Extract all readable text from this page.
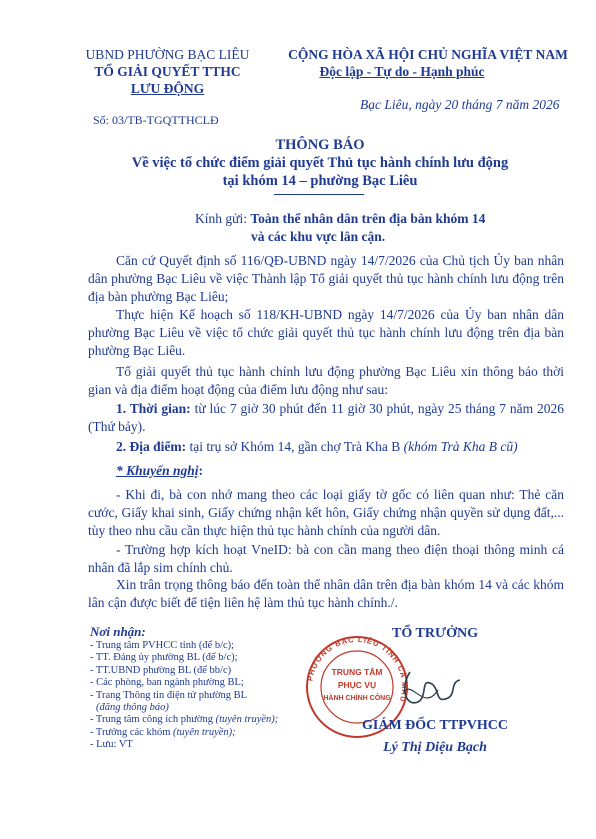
UBND PHƯỜNG BẠC LIÊU
TỔ GIẢI QUYẾT TTHC
LƯU ĐỘNG
CỘNG HÒA XÃ HỘI CHỦ NGHĨA VIỆT NAM
Độc lập - Tự do - Hạnh phúc
Bạc Liêu, ngày 20 tháng 7 năm 2026
Số: 03/TB-TGQTTHCLĐ
THÔNG BÁO
Về việc tổ chức điểm giải quyết Thủ tục hành chính lưu động
tại khóm 14 – phường Bạc Liêu
Kính gửi: Toàn thể nhân dân trên địa bàn khóm 14
và các khu vực lân cận.
Căn cứ Quyết định số 116/QĐ-UBND ngày 14/7/2026 của Chủ tịch Ủy ban nhân dân phường Bạc Liêu về việc Thành lập Tổ giải quyết thủ tục hành chính lưu động trên địa bàn phường Bạc Liêu;
Thực hiện Kế hoạch số 118/KH-UBND ngày 14/7/2026 của Ủy ban nhân dân phường Bạc Liêu về việc tổ chức giải quyết thủ tục hành chính lưu động trên địa bàn phường Bạc Liêu.
Tổ giải quyết thủ tục hành chính lưu động phường Bạc Liêu xin thông báo thời gian và địa điểm hoạt động của điểm lưu động như sau:
1. Thời gian: từ lúc 7 giờ 30 phút đến 11 giờ 30 phút, ngày 25 tháng 7 năm 2026 (Thứ bảy).
2. Địa điểm: tại trụ sở Khóm 14, gần chợ Trà Kha B (khóm Trà Kha B cũ)
* Khuyến nghị:
- Khi đi, bà con nhớ mang theo các loại giấy tờ gốc có liên quan như: Thẻ căn cước, Giấy khai sinh, Giấy chứng nhận kết hôn, Giấy chứng nhận quyền sử dụng đất,... tùy theo nhu cầu cần thực hiện thủ tục hành chính của người dân.
- Trường hợp kích hoạt VneID: bà con cần mang theo điện thoại thông minh cá nhân đã lắp sim chính chủ.
Xin trân trọng thông báo đến toàn thể nhân dân trên địa bàn khóm 14 và các khóm lân cận được biết để tiện liên hệ làm thủ tục hành chính./.
Nơi nhận:
- Trung tâm PVHCC tỉnh (để b/c);
- TT. Đảng ủy phường BL (để b/c);
- TT.UBND phường BL (để bb/c)
- Các phòng, ban ngành phường BL;
- Trang Thông tin điện tử phường BL
(đăng thông báo)
- Trung tâm công ích phường (tuyên truyền);
- Trưởng các khóm (tuyên truyền);
- Lưu: VT
TỔ TRƯỞNG
PHƯỜNG BẠC LIÊU TỈNH CÀ MAU
TRUNG TÂM
PHỤC VỤ
HÀNH CHÍNH CÔNG
GIÁM ĐỐC TTPVHCC
Lý Thị Diệu Bạch
